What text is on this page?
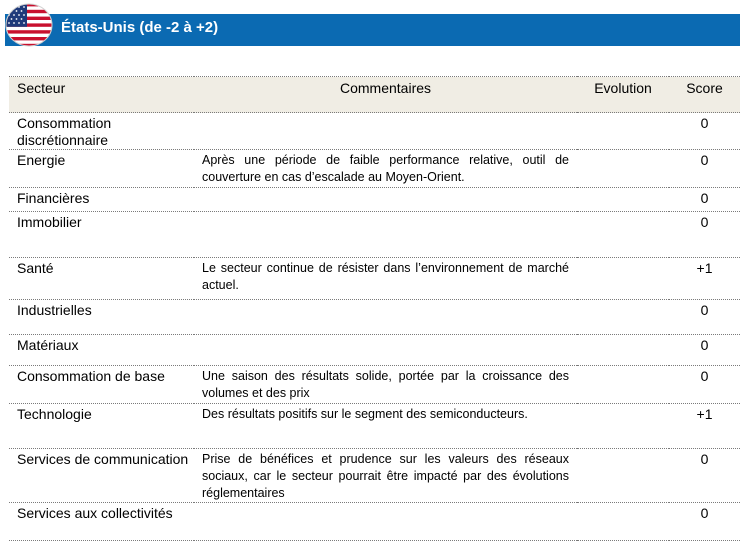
États-Unis (de -2 à +2)
Secteur	Commentaires	Evolution	Score
Consommation discrétionnaire			0
Energie	Après une période de faible performance relative, outil de couverture en cas d’escalade au Moyen-Orient.		0
Financières			0
Immobilier			0
Santé	Le secteur continue de résister dans l’environnement de marché actuel.		+1
Industrielles			0
Matériaux			0
Consommation de base	Une saison des résultats solide, portée par la croissance des volumes et des prix		0
Technologie	Des résultats positifs sur le segment des semiconducteurs.		+1
Services de communication	Prise de bénéfices et prudence sur les valeurs des réseaux sociaux, car le secteur pourrait être impacté par des évolutions réglementaires		0
Services aux collectivités			0
